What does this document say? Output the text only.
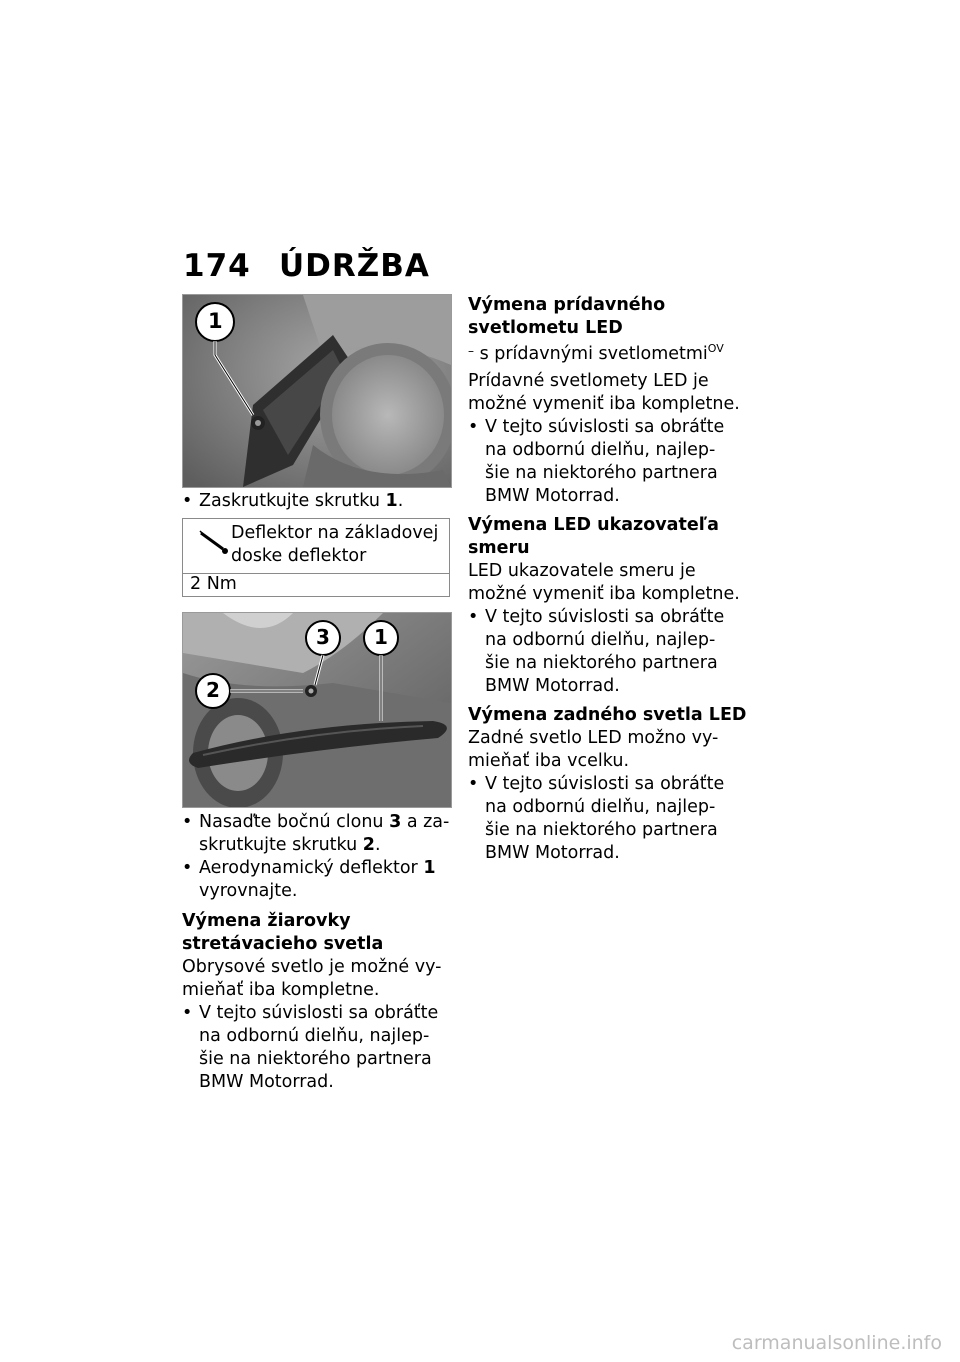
174 ÚDRŽBA
1
• Zaskrutkujte skrutku 1.
Deflektor na základovej
doske deflektor
2 Nm
3 1
2
• Nasaďte bočnú clonu 3 a za-
skrutkujte skrutku 2.
• Aerodynamický deflektor 1
vyrovnajte.
Výmena žiarovky
stretávacieho svetla
Obrysové svetlo je možné vy-
mieňať iba kompletne.
• V tejto súvislosti sa obráťte
na odbornú dielňu, najlep-
šie na niektorého partnera
BMW Motorrad.
Výmena prídavného
svetlometu LED
– s prídavnými svetlometmi$^{OV}$
Prídavné svetlomety LED je
možné vymeniť iba kompletne.
• V tejto súvislosti sa obráťte
na odbornú dielňu, najlep-
šie na niektorého partnera
BMW Motorrad.
Výmena LED ukazovateľa
smeru
LED ukazovatele smeru je
možné vymeniť iba kompletne.
• V tejto súvislosti sa obráťte
na odbornú dielňu, najlep-
šie na niektorého partnera
BMW Motorrad.
Výmena zadného svetla LED
Zadné svetlo LED možno vy-
mieňať iba vcelku.
• V tejto súvislosti sa obráťte
na odbornú dielňu, najlep-
šie na niektorého partnera
BMW Motorrad.
carmanualsonline.info
